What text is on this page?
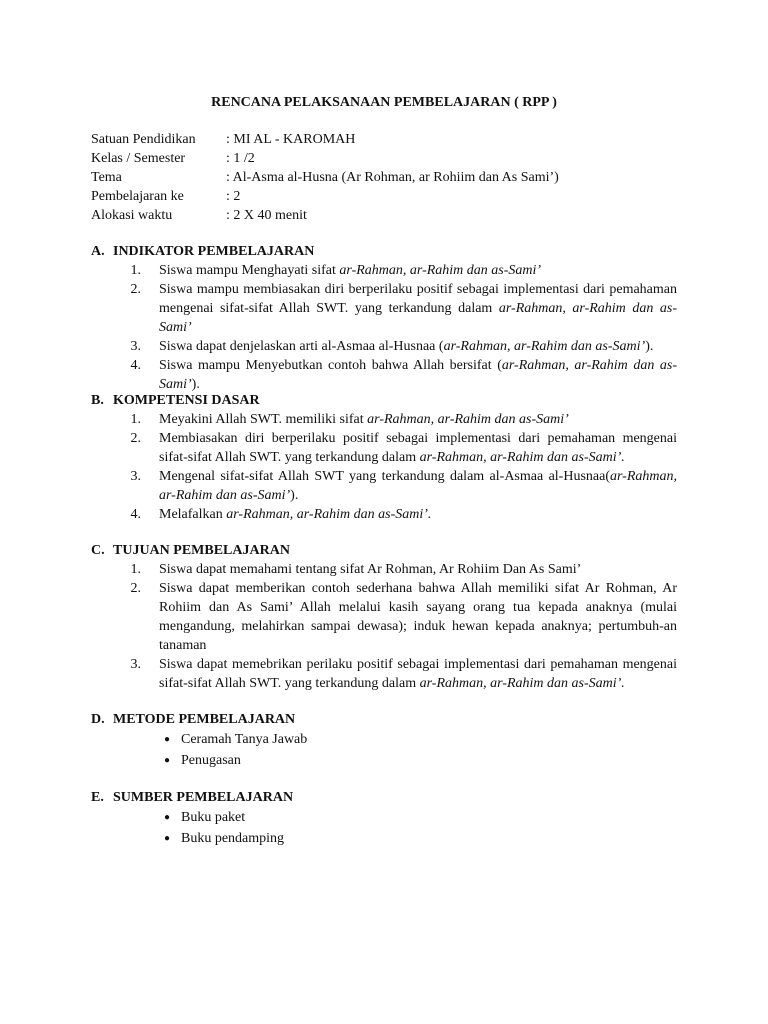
RENCANA PELAKSANAAN PEMBELAJARAN ( RPP )
Satuan Pendidikan	: MI AL - KAROMAH
Kelas / Semester	: 1 /2
Tema	: Al-Asma al-Husna (Ar Rohman, ar Rohiim dan As Sami’)
Pembelajaran ke	: 2
Alokasi waktu	: 2 X 40 menit
A. INDIKATOR PEMBELAJARAN
1.	Siswa mampu Menghayati sifat ar-Rahman, ar-Rahim dan as-Sami’
2.	Siswa mampu membiasakan diri berperilaku positif sebagai implementasi dari pemahaman mengenai sifat-sifat Allah SWT. yang terkandung dalam ar-Rahman, ar-Rahim dan as-Sami’
3.	Siswa dapat denjelaskan arti al-Asmaa al-Husnaa (ar-Rahman, ar-Rahim dan as-Sami’).
4.	Siswa mampu Menyebutkan contoh bahwa Allah bersifat (ar-Rahman, ar-Rahim dan as-Sami’).
B. KOMPETENSI DASAR
1.	Meyakini Allah SWT. memiliki sifat ar-Rahman, ar-Rahim dan as-Sami’
2.	Membiasakan diri berperilaku positif sebagai implementasi dari pemahaman mengenai sifat-sifat Allah SWT. yang terkandung dalam ar-Rahman, ar-Rahim dan as-Sami’.
3.	Mengenal sifat-sifat Allah SWT yang terkandung dalam al-Asmaa al-Husnaa(ar-Rahman, ar-Rahim dan as-Sami’).
4.	Melafalkan ar-Rahman, ar-Rahim dan as-Sami’.
C. TUJUAN PEMBELAJARAN
1.	Siswa dapat memahami tentang sifat Ar Rohman, Ar Rohiim Dan As Sami’
2.	Siswa dapat memberikan contoh sederhana bahwa Allah memiliki sifat Ar Rohman, Ar Rohiim dan As Sami’ Allah melalui kasih sayang orang tua kepada anaknya (mulai mengandung, melahirkan sampai dewasa); induk hewan kepada anaknya; pertumbuh-an tanaman
3.	Siswa dapat memebrikan perilaku positif sebagai implementasi dari pemahaman mengenai sifat-sifat Allah SWT. yang terkandung dalam ar-Rahman, ar-Rahim dan as-Sami’.
D. METODE PEMBELAJARAN
● Ceramah Tanya Jawab
● Penugasan
E. SUMBER PEMBELAJARAN
● Buku paket
● Buku pendamping
